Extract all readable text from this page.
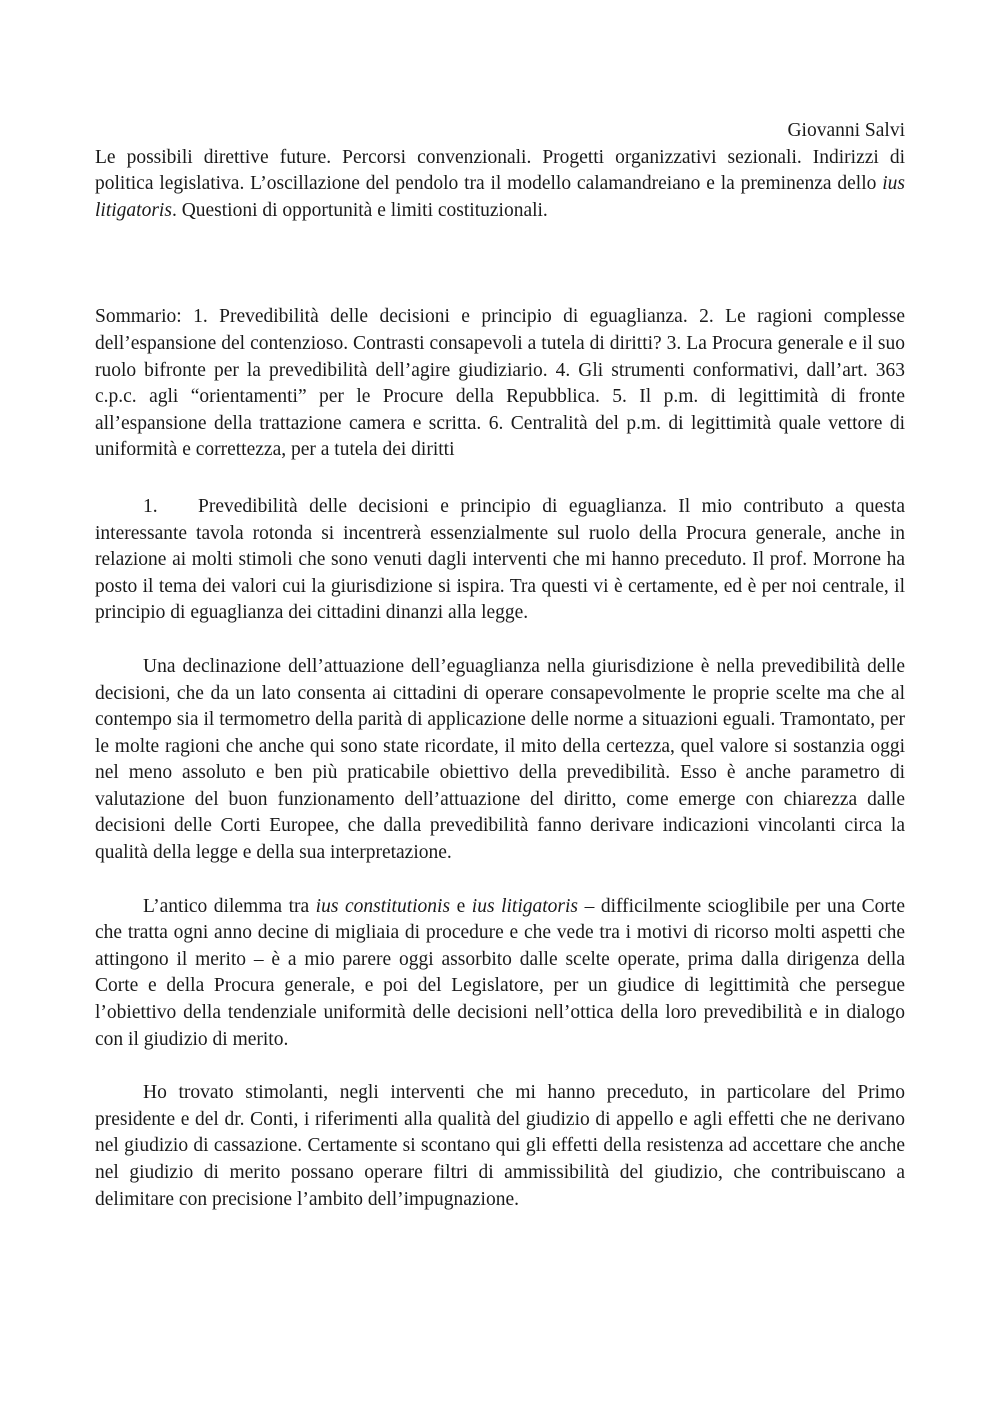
Giovanni Salvi

Le possibili direttive future. Percorsi convenzionali. Progetti organizzativi sezionali. Indirizzi di politica legislativa. L’oscillazione del pendolo tra il modello calamandreiano e la preminenza dello ius litigatoris. Questioni di opportunità e limiti costituzionali.

Sommario: 1. Prevedibilità delle decisioni e principio di eguaglianza. 2. Le ragioni complesse dell’espansione del contenzioso. Contrasti consapevoli a tutela di diritti? 3. La Procura generale e il suo ruolo bifronte per la prevedibilità dell’agire giudiziario. 4. Gli strumenti conformativi, dall’art. 363 c.p.c. agli “orientamenti” per le Procure della Repubblica. 5. Il p.m. di legittimità di fronte all’espansione della trattazione camera e scritta. 6. Centralità del p.m. di legittimità quale vettore di uniformità e correttezza, per a tutela dei diritti

1. Prevedibilità delle decisioni e principio di eguaglianza. Il mio contributo a questa interessante tavola rotonda si incentrerà essenzialmente sul ruolo della Procura generale, anche in relazione ai molti stimoli che sono venuti dagli interventi che mi hanno preceduto. Il prof. Morrone ha posto il tema dei valori cui la giurisdizione si ispira. Tra questi vi è certamente, ed è per noi centrale, il principio di eguaglianza dei cittadini dinanzi alla legge.

Una declinazione dell’attuazione dell’eguaglianza nella giurisdizione è nella prevedibilità delle decisioni, che da un lato consenta ai cittadini di operare consapevolmente le proprie scelte ma che al contempo sia il termometro della parità di applicazione delle norme a situazioni eguali. Tramontato, per le molte ragioni che anche qui sono state ricordate, il mito della certezza, quel valore si sostanzia oggi nel meno assoluto e ben più praticabile obiettivo della prevedibilità. Esso è anche parametro di valutazione del buon funzionamento dell’attuazione del diritto, come emerge con chiarezza dalle decisioni delle Corti Europee, che dalla prevedibilità fanno derivare indicazioni vincolanti circa la qualità della legge e della sua interpretazione.

L’antico dilemma tra ius constitutionis e ius litigatoris – difficilmente scioglibile per una Corte che tratta ogni anno decine di migliaia di procedure e che vede tra i motivi di ricorso molti aspetti che attingono il merito – è a mio parere oggi assorbito dalle scelte operate, prima dalla dirigenza della Corte e della Procura generale, e poi del Legislatore, per un giudice di legittimità che persegue l’obiettivo della tendenziale uniformità delle decisioni nell’ottica della loro prevedibilità e in dialogo con il giudizio di merito.

Ho trovato stimolanti, negli interventi che mi hanno preceduto, in particolare del Primo presidente e del dr. Conti, i riferimenti alla qualità del giudizio di appello e agli effetti che ne derivano nel giudizio di cassazione. Certamente si scontano qui gli effetti della resistenza ad accettare che anche nel giudizio di merito possano operare filtri di ammissibilità del giudizio, che contribuiscano a delimitare con precisione l’ambito dell’impugnazione.
